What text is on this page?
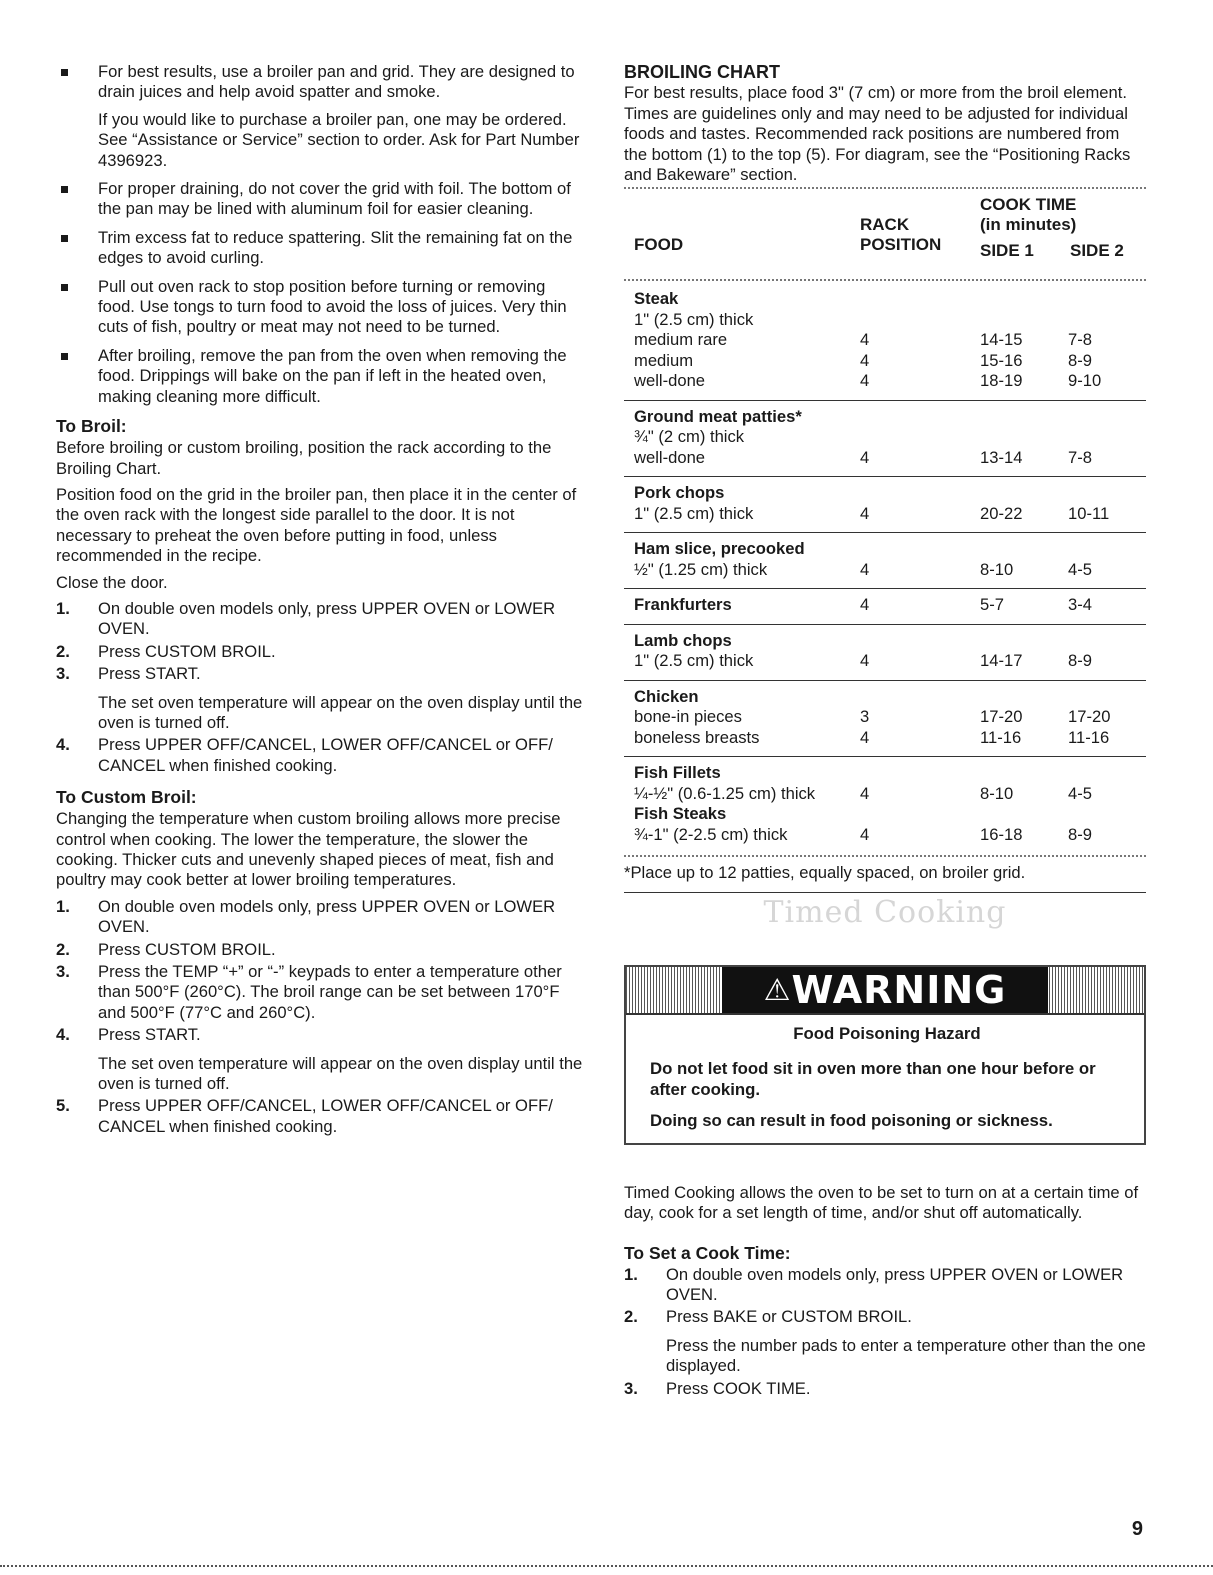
For best results, use a broiler pan and grid. They are designed to drain juices and help avoid spatter and smoke.

If you would like to purchase a broiler pan, one may be ordered. See “Assistance or Service” section to order. Ask for Part Number 4396923.

For proper draining, do not cover the grid with foil. The bottom of the pan may be lined with aluminum foil for easier cleaning.

Trim excess fat to reduce spattering. Slit the remaining fat on the edges to avoid curling.

Pull out oven rack to stop position before turning or removing food. Use tongs to turn food to avoid the loss of juices. Very thin cuts of fish, poultry or meat may not need to be turned.

After broiling, remove the pan from the oven when removing the food. Drippings will bake on the pan if left in the heated oven, making cleaning more difficult.

To Broil:

Before broiling or custom broiling, position the rack according to the Broiling Chart.

Position food on the grid in the broiler pan, then place it in the center of the oven rack with the longest side parallel to the door. It is not necessary to preheat the oven before putting in food, unless recommended in the recipe.

Close the door.

1. On double oven models only, press UPPER OVEN or LOWER OVEN.

2. Press CUSTOM BROIL.

3. Press START.

The set oven temperature will appear on the oven display until the oven is turned off.

4. Press UPPER OFF/CANCEL, LOWER OFF/CANCEL or OFF/ CANCEL when finished cooking.

To Custom Broil:

Changing the temperature when custom broiling allows more precise control when cooking. The lower the temperature, the slower the cooking. Thicker cuts and unevenly shaped pieces of meat, fish and poultry may cook better at lower broiling temperatures.

1. On double oven models only, press UPPER OVEN or LOWER OVEN.

2. Press CUSTOM BROIL.

3. Press the TEMP “+” or “-” keypads to enter a temperature other than 500°F (260°C). The broil range can be set between 170°F and 500°F (77°C and 260°C).

4. Press START.

The set oven temperature will appear on the oven display until the oven is turned off.

5. Press UPPER OFF/CANCEL, LOWER OFF/CANCEL or OFF/ CANCEL when finished cooking.

BROILING CHART

For best results, place food 3" (7 cm) or more from the broil element. Times are guidelines only and may need to be adjusted for individual foods and tastes. Recommended rack positions are numbered from the bottom (1) to the top (5). For diagram, see the “Positioning Racks and Bakeware” section.

FOOD
RACK
POSITION
COOK TIME
(in minutes)
SIDE 1 SIDE 2
Steak
1" (2.5 cm) thick
medium rare	4	14-15	7-8
medium	4	15-16	8-9
well-done	4	18-19	9-10
Ground meat patties*
¾" (2 cm) thick
well-done	4	13-14	7-8
Pork chops
1" (2.5 cm) thick	4	20-22	10-11
Ham slice, precooked
½" (1.25 cm) thick	4	8-10	4-5
Frankfurters	4	5-7	3-4
Lamb chops
1" (2.5 cm) thick	4	14-17	8-9
Chicken
bone-in pieces	3	17-20	17-20
boneless breasts	4	11-16	11-16
Fish Fillets
¼-½" (0.6-1.25 cm) thick	4	8-10	4-5
Fish Steaks
¾-1" (2-2.5 cm) thick	4	16-18	8-9

*Place up to 12 patties, equally spaced, on broiler grid.

Timed Cooking
⚠WARNING
Food Poisoning Hazard

Do not let food sit in oven more than one hour before or after cooking.

Doing so can result in food poisoning or sickness.

Timed Cooking allows the oven to be set to turn on at a certain time of day, cook for a set length of time, and/or shut off automatically.

To Set a Cook Time:
1. On double oven models only, press UPPER OVEN or LOWER OVEN.

2. Press BAKE or CUSTOM BROIL.

Press the number pads to enter a temperature other than the one displayed.

3. Press COOK TIME.

9
